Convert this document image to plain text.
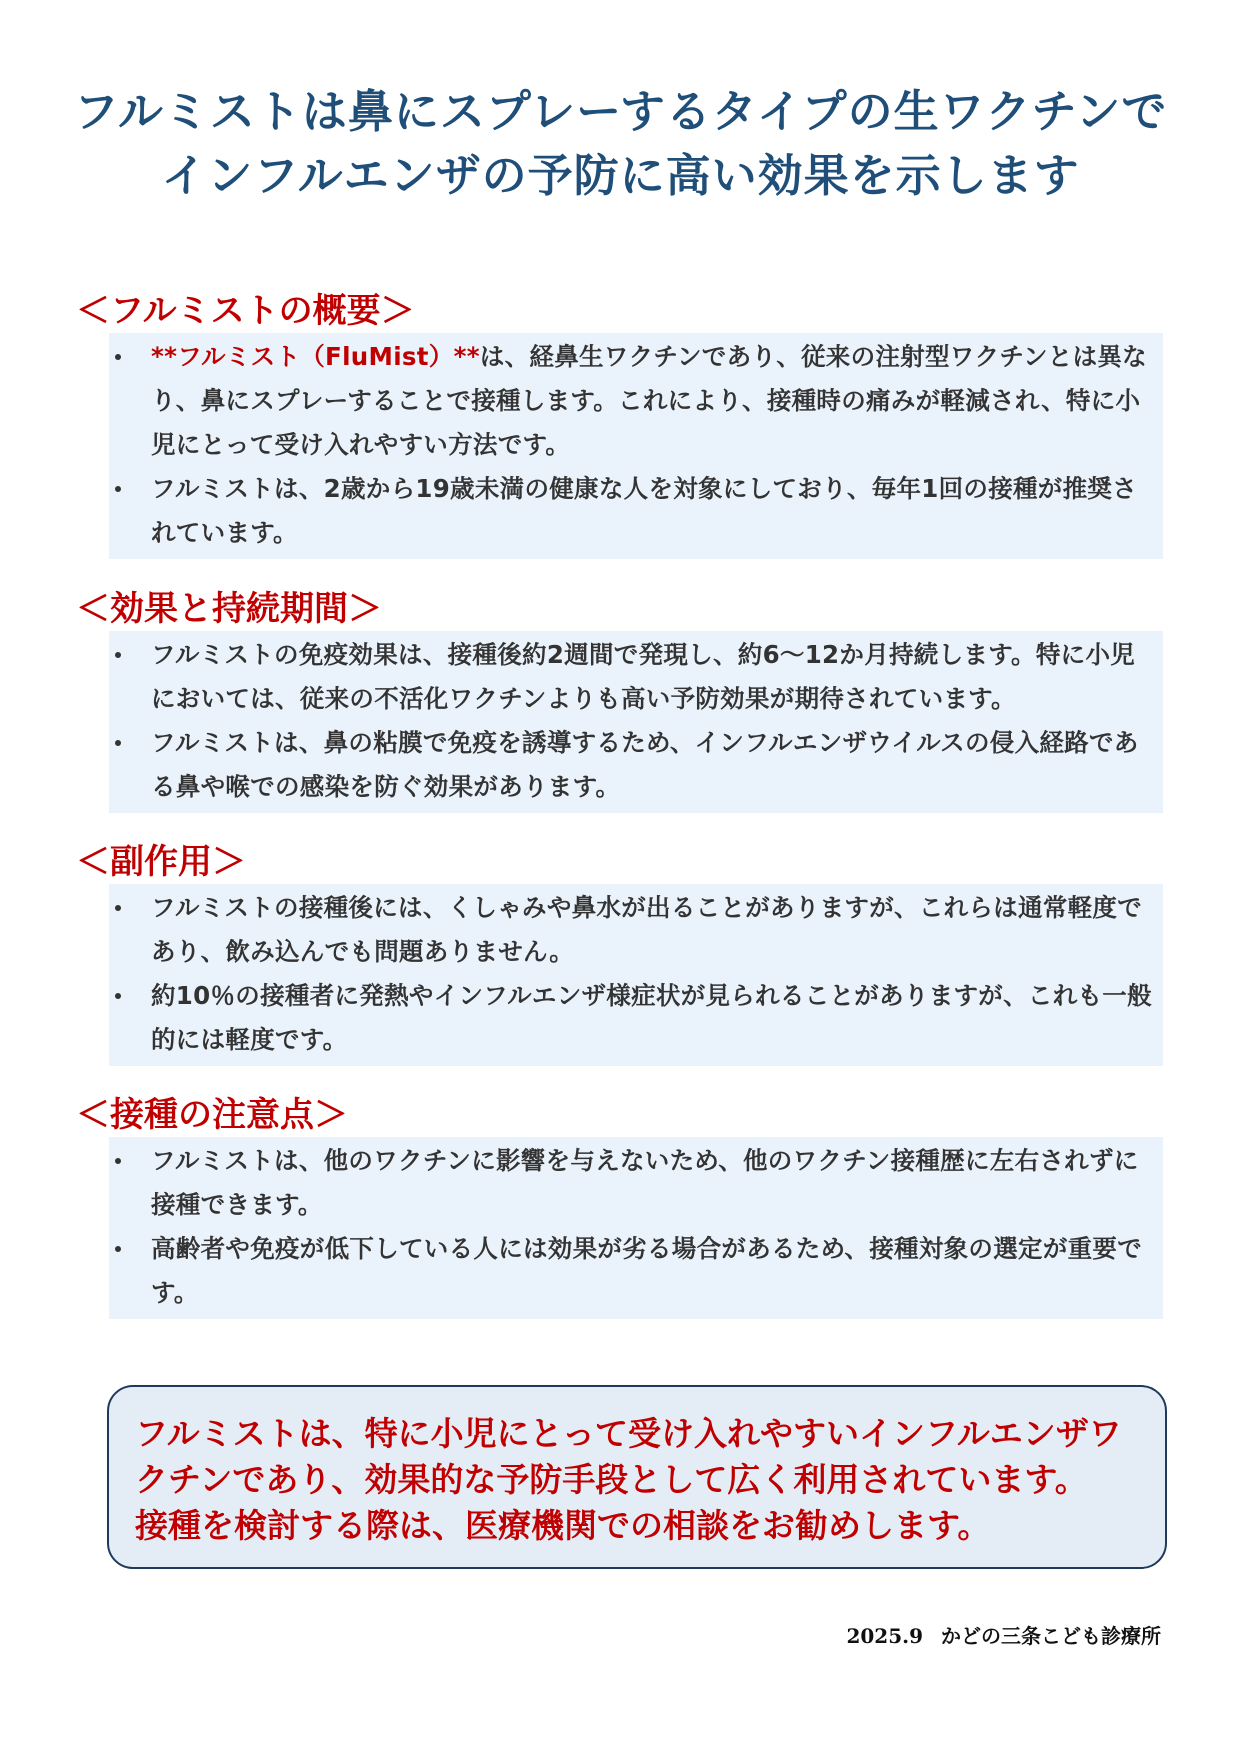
フルミストは鼻にスプレーするタイプの生ワクチンで
インフルエンザの予防に高い効果を示します
＜フルミストの概要＞
**フルミスト（FluMist）**は、経鼻生ワクチンであり、従来の注射型ワクチンとは異なり、鼻にスプレーすることで接種します。これにより、接種時の痛みが軽減され、特に小児にとって受け入れやすい方法です。
フルミストは、2歳から19歳未満の健康な人を対象にしており、毎年1回の接種が推奨されています。
＜効果と持続期間＞
フルミストの免疫効果は、接種後約2週間で発現し、約6～12か月持続します。特に小児においては、従来の不活化ワクチンよりも高い予防効果が期待されています。
フルミストは、鼻の粘膜で免疫を誘導するため、インフルエンザウイルスの侵入経路である鼻や喉での感染を防ぐ効果があります。
＜副作用＞
フルミストの接種後には、くしゃみや鼻水が出ることがありますが、これらは通常軽度であり、飲み込んでも問題ありません。
約10％の接種者に発熱やインフルエンザ様症状が見られることがありますが、これも一般的には軽度です。
＜接種の注意点＞
フルミストは、他のワクチンに影響を与えないため、他のワクチン接種歴に左右されずに接種できます。
高齢者や免疫が低下している人には効果が劣る場合があるため、接種対象の選定が重要です。
フルミストは、特に小児にとって受け入れやすいインフルエンザワ
クチンであり、効果的な予防手段として広く利用されています。
接種を検討する際は、医療機関での相談をお勧めします。
2025.9 かどの三条こども診療所
